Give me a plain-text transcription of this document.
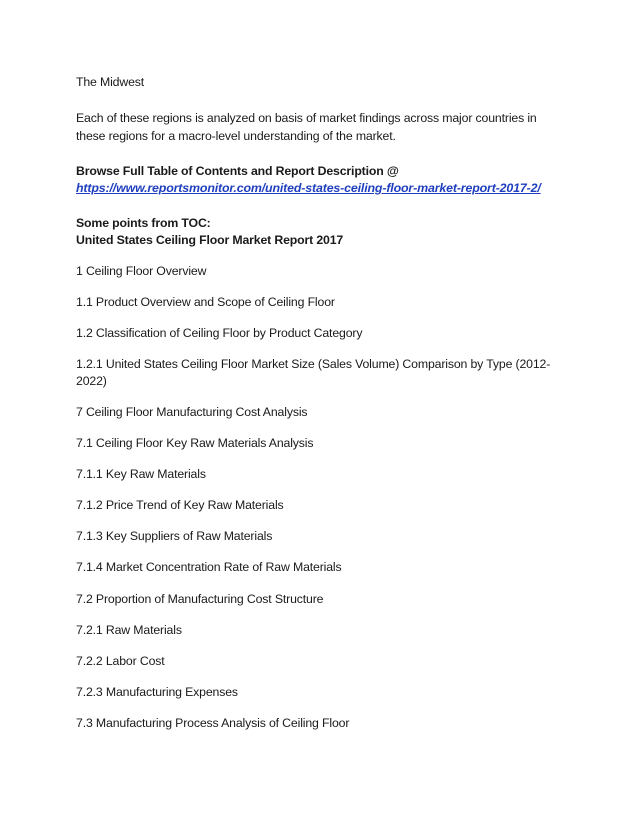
The Midwest
Each of these regions is analyzed on basis of market findings across major countries in
these regions for a macro-level understanding of the market.
Browse Full Table of Contents and Report Description @
https://www.reportsmonitor.com/united-states-ceiling-floor-market-report-2017-2/
Some points from TOC:
United States Ceiling Floor Market Report 2017
1 Ceiling Floor Overview
1.1 Product Overview and Scope of Ceiling Floor
1.2 Classification of Ceiling Floor by Product Category
1.2.1 United States Ceiling Floor Market Size (Sales Volume) Comparison by Type (2012-
2022)
7 Ceiling Floor Manufacturing Cost Analysis
7.1 Ceiling Floor Key Raw Materials Analysis
7.1.1 Key Raw Materials
7.1.2 Price Trend of Key Raw Materials
7.1.3 Key Suppliers of Raw Materials
7.1.4 Market Concentration Rate of Raw Materials
7.2 Proportion of Manufacturing Cost Structure
7.2.1 Raw Materials
7.2.2 Labor Cost
7.2.3 Manufacturing Expenses
7.3 Manufacturing Process Analysis of Ceiling Floor
